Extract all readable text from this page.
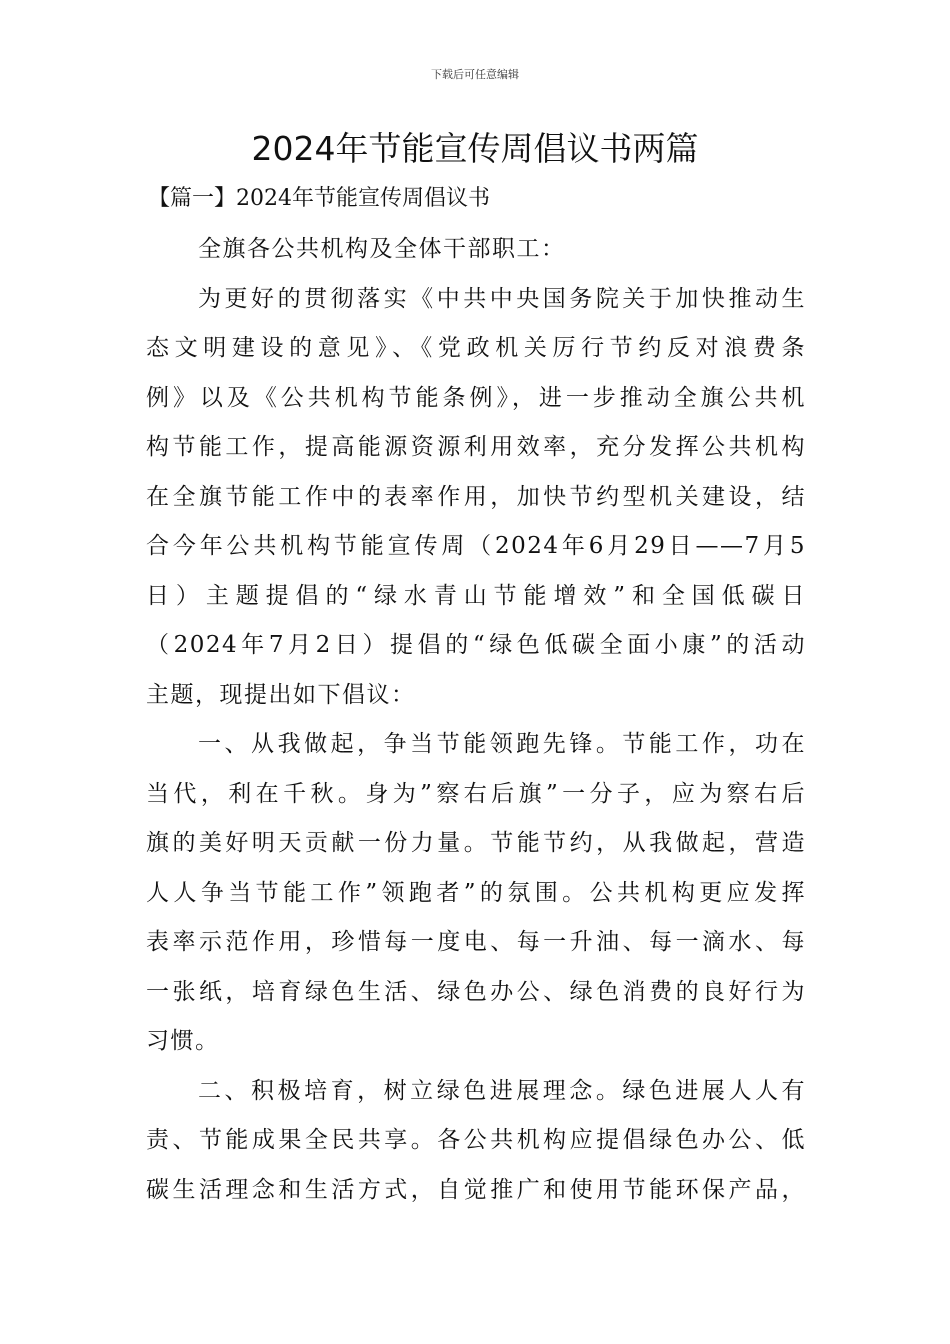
下载后可任意编辑
2024年节能宣传周倡议书两篇
【篇一】2024年节能宣传周倡议书
全旗各公共机构及全体干部职工：
为更好的贯彻落实《中共中央国务院关于加快推动生
态文明建设的意见》、《党政机关厉行节约反对浪费条
例》以及《公共机构节能条例》，进一步推动全旗公共机
构节能工作，提高能源资源利用效率，充分发挥公共机构
在全旗节能工作中的表率作用，加快节约型机关建设，结
合今年公共机构节能宣传周（2024年6月29日——7月5
日）主题提倡的“绿水青山节能增效”和全国低碳日
（2024年7月2日）提倡的“绿色低碳全面小康”的活动
主题，现提出如下倡议：
一、从我做起，争当节能领跑先锋。节能工作，功在
当代，利在千秋。身为”察右后旗”一分子，应为察右后
旗的美好明天贡献一份力量。节能节约，从我做起，营造
人人争当节能工作”领跑者”的氛围。公共机构更应发挥
表率示范作用，珍惜每一度电、每一升油、每一滴水、每
一张纸，培育绿色生活、绿色办公、绿色消费的良好行为
习惯。
二、积极培育，树立绿色进展理念。绿色进展人人有
责、节能成果全民共享。各公共机构应提倡绿色办公、低
碳生活理念和生活方式，自觉推广和使用节能环保产品，
